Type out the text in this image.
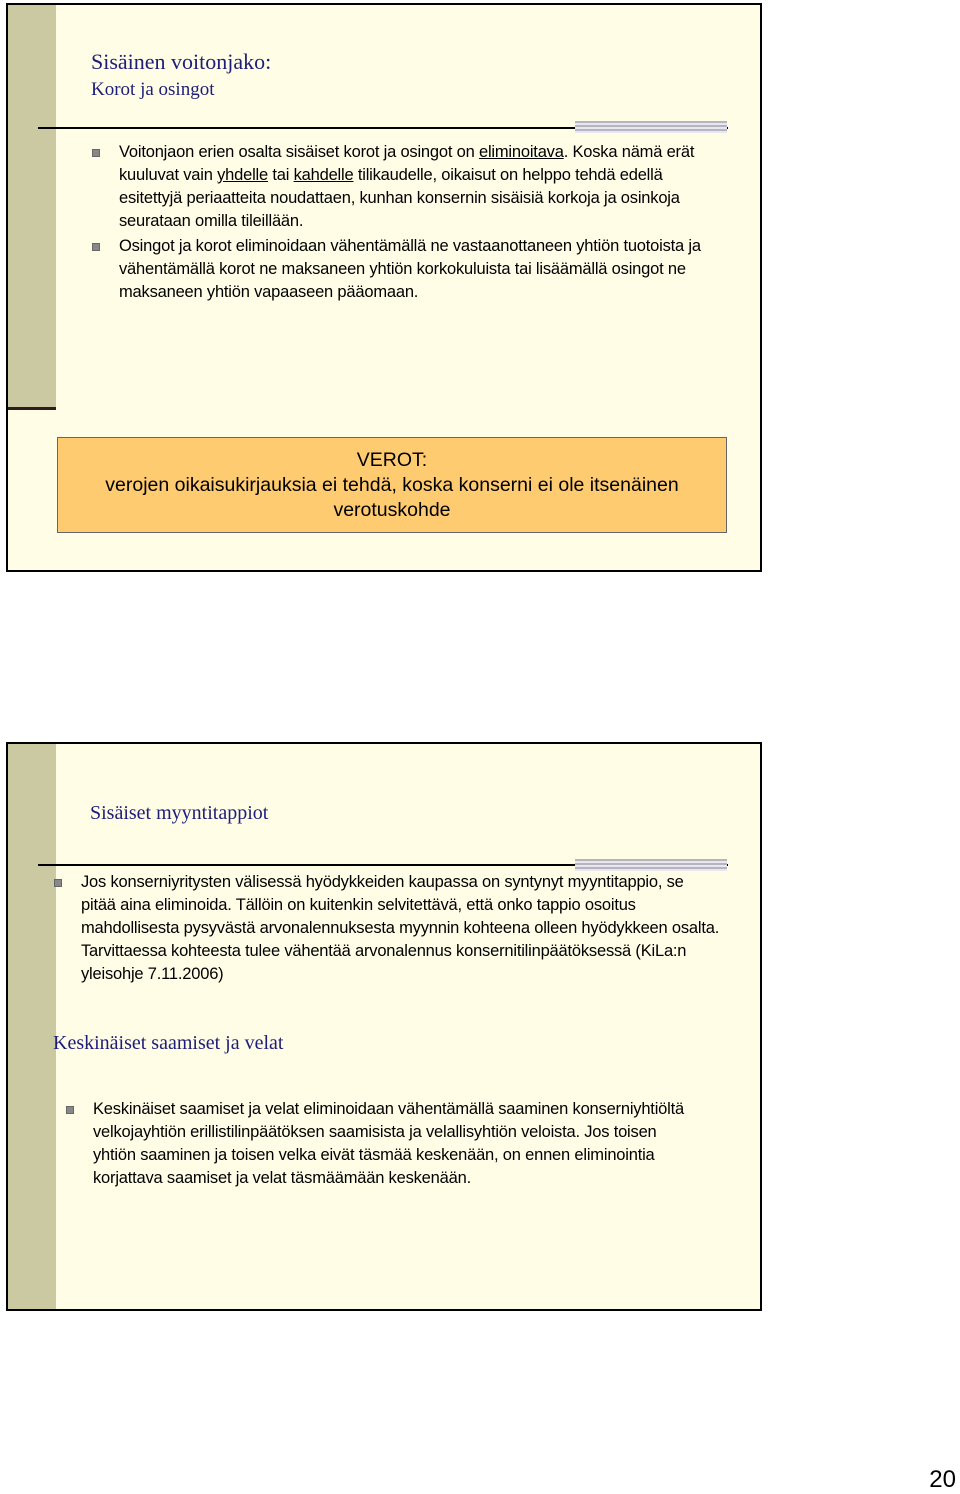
Sisäinen voitonjako:
Korot ja osingot
Voitonjaon erien osalta sisäiset korot ja osingot on eliminoitava. Koska nämä erät kuuluvat vain yhdelle tai kahdelle tilikaudelle, oikaisut on helppo tehdä edellä esitettyjä periaatteita noudattaen, kunhan konsernin sisäisiä korkoja ja osinkoja seurataan omilla tileillään.
Osingot ja korot eliminoidaan vähentämällä ne vastaanottaneen yhtiön tuotoista ja vähentämällä korot ne maksaneen yhtiön korkokuluista tai lisäämällä osingot ne maksaneen yhtiön vapaaseen pääomaan.
VEROT:
verojen oikaisukirjauksia ei tehdä, koska konserni ei ole itsenäinen verotuskohde
Sisäiset myyntitappiot
Jos konserniyritysten välisessä hyödykkeiden kaupassa on syntynyt myyntitappio, se pitää aina eliminoida. Tällöin on kuitenkin selvitettävä, että onko tappio osoitus mahdollisesta pysyvästä arvonalennuksesta myynnin kohteena olleen hyödykkeen osalta. Tarvittaessa kohteesta tulee vähentää arvonalennus konsernitilinpäätöksessä (KiLa:n yleisohje 7.11.2006)
Keskinäiset saamiset ja velat
Keskinäiset saamiset ja velat eliminoidaan vähentämällä saaminen konserniyhtiöltä velkojayhtiön erillistilinpäätöksen saamisista ja velallisyhtiön veloista. Jos toisen yhtiön saaminen ja toisen velka eivät täsmää keskenään, on ennen eliminointia korjattava saamiset ja velat täsmäämään keskenään.
20
